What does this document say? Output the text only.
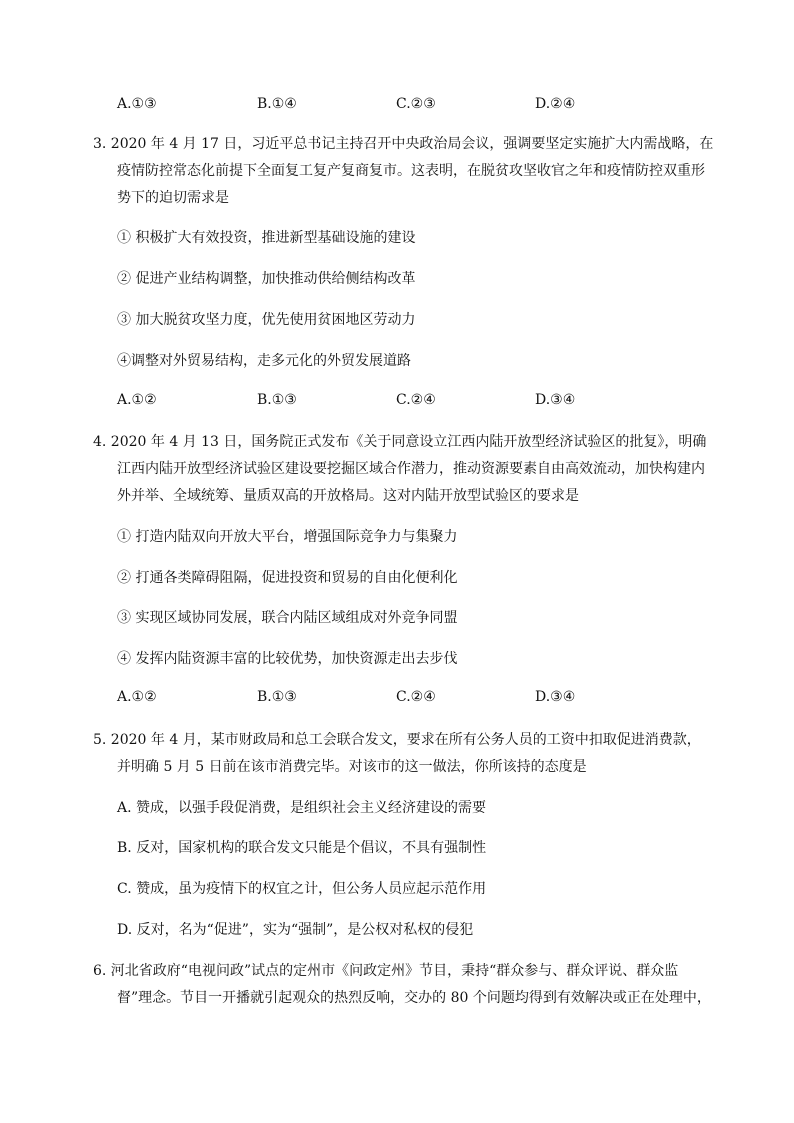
A.①③	B.①④	C.②③	D.②④
3. 2020 年 4 月 17 日，习近平总书记主持召开中央政治局会议，强调要坚定实施扩大内需战略，在
疫情防控常态化前提下全面复工复产复商复市。这表明，在脱贫攻坚收官之年和疫情防控双重形
势下的迫切需求是
① 积极扩大有效投资，推进新型基础设施的建设
② 促进产业结构调整，加快推动供给侧结构改革
③ 加大脱贫攻坚力度，优先使用贫困地区劳动力
④调整对外贸易结构，走多元化的外贸发展道路
A.①②	B.①③	C.②④	D.③④
4. 2020 年 4 月 13 日，国务院正式发布《关于同意设立江西内陆开放型经济试验区的批复》，明确
江西内陆开放型经济试验区建设要挖掘区域合作潜力，推动资源要素自由高效流动，加快构建内
外并举、全域统筹、量质双高的开放格局。这对内陆开放型试验区的要求是
① 打造内陆双向开放大平台，增强国际竞争力与集聚力
② 打通各类障碍阻隔，促进投资和贸易的自由化便利化
③ 实现区域协同发展，联合内陆区域组成对外竞争同盟
④ 发挥内陆资源丰富的比较优势，加快资源走出去步伐
A.①②	B.①③	C.②④	D.③④
5. 2020 年 4 月，某市财政局和总工会联合发文，要求在所有公务人员的工资中扣取促进消费款，
并明确 5 月 5 日前在该市消费完毕。对该市的这一做法，你所该持的态度是
A. 赞成，以强手段促消费，是组织社会主义经济建设的需要
B. 反对，国家机构的联合发文只能是个倡议，不具有强制性
C. 赞成，虽为疫情下的权宜之计，但公务人员应起示范作用
D. 反对，名为“促进”，实为“强制”，是公权对私权的侵犯
6. 河北省政府“电视问政”试点的定州市《问政定州》节目，秉持“群众参与、群众评说、群众监
督”理念。节目一开播就引起观众的热烈反响，交办的 80 个问题均得到有效解决或正在处理中，
